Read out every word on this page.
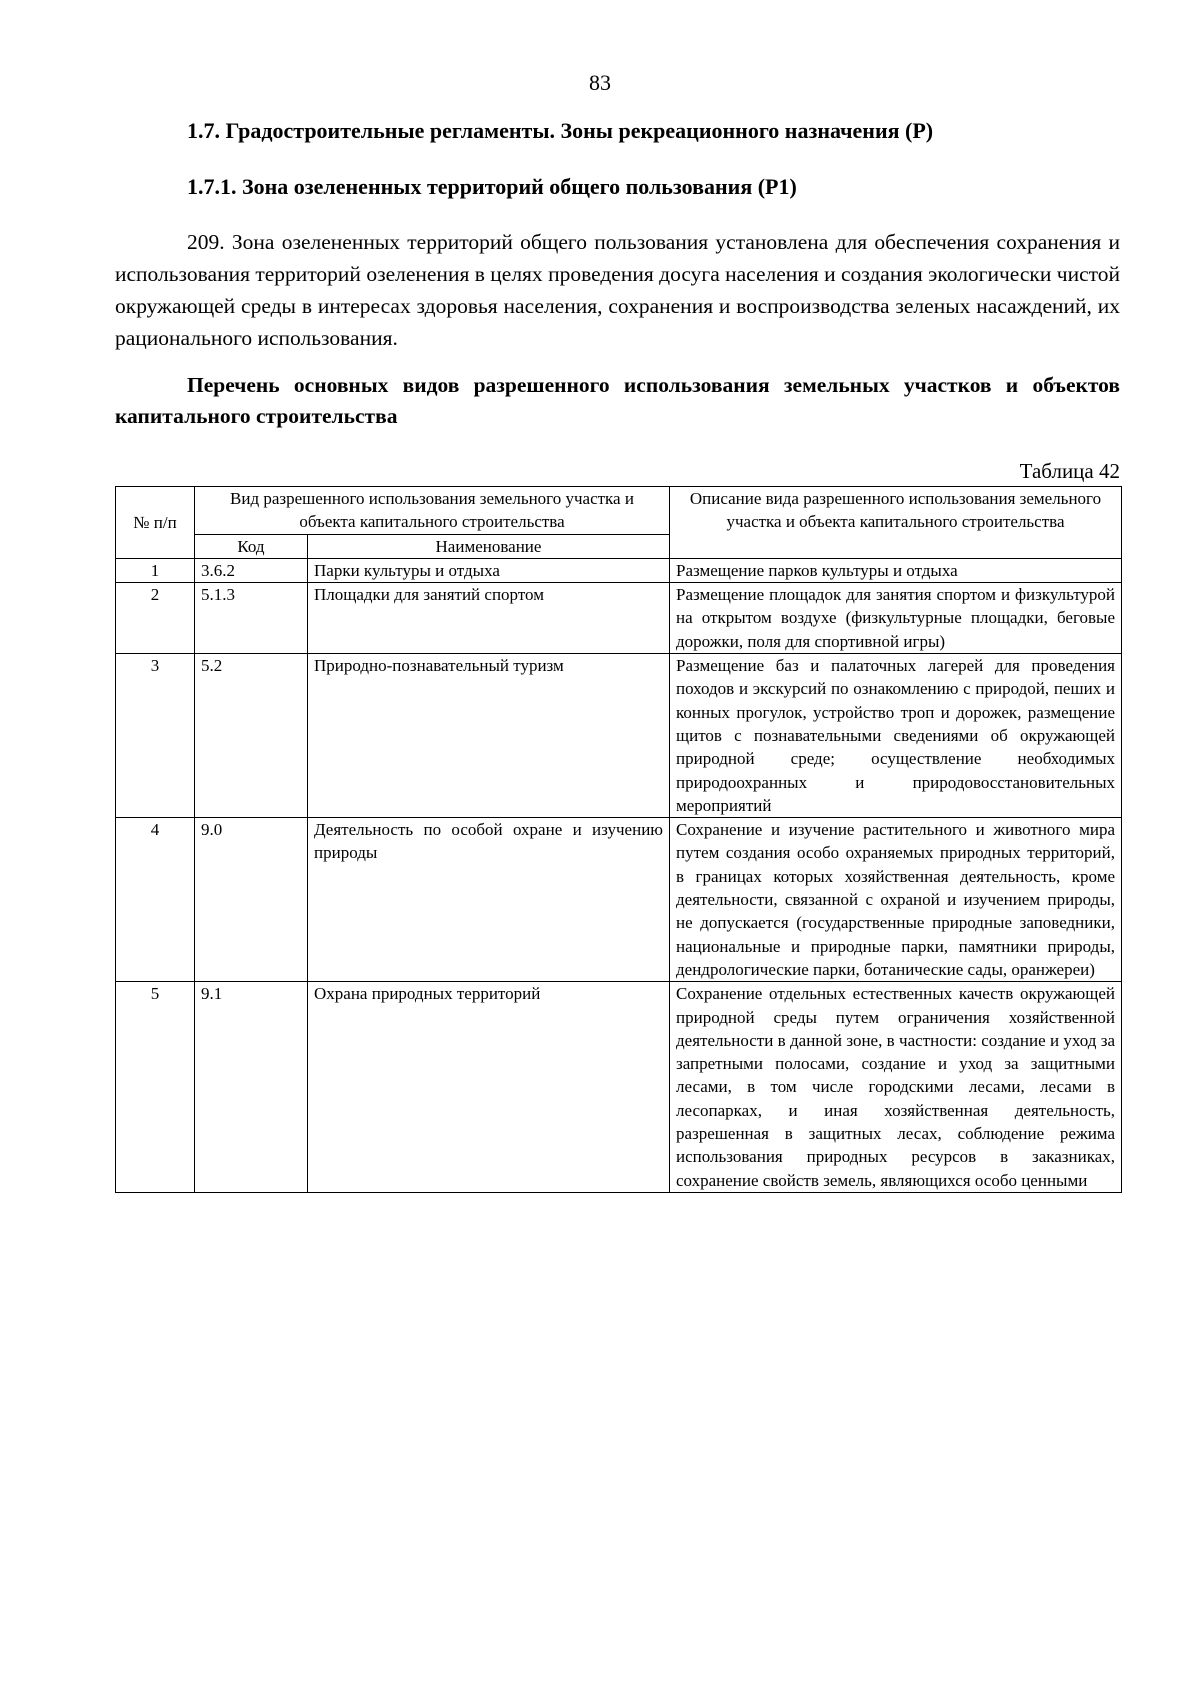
83
1.7. Градостроительные регламенты. Зоны рекреационного назначения (Р)
1.7.1. Зона озелененных территорий общего пользования (Р1)

209. Зона озелененных территорий общего пользования установлена для обеспечения сохранения и использования территорий озеленения в целях проведения досуга населения и создания экологически чистой окружающей среды в интересах здоровья населения, сохранения и воспроизводства зеленых насаждений, их рационального использования.

Перечень основных видов разрешенного использования земельных участков и объектов капитального строительства

Таблица 42
№ п/п	Вид разрешенного использования земельного участка и объекта капитального строительства		Описание вида разрешенного использования земельного участка и объекта капитального строительства
	Код	Наименование	
1	3.6.2	Парки культуры и отдыха	Размещение парков культуры и отдыха
2	5.1.3	Площадки для занятий спортом	Размещение площадок для занятия спортом и физкультурой на открытом воздухе (физкультурные площадки, беговые дорожки, поля для спортивной игры)
3	5.2	Природно-познавательный туризм	Размещение баз и палаточных лагерей для проведения походов и экскурсий по ознакомлению с природой, пеших и конных прогулок, устройство троп и дорожек, размещение щитов с познавательными сведениями об окружающей природной среде; осуществление необходимых природоохранных и природовосстановительных мероприятий
4	9.0	Деятельность по особой охране и изучению природы	Сохранение и изучение растительного и животного мира путем создания особо охраняемых природных территорий, в границах которых хозяйственная деятельность, кроме деятельности, связанной с охраной и изучением природы, не допускается (государственные природные заповедники, национальные и природные парки, памятники природы, дендрологические парки, ботанические сады, оранжереи)
5	9.1	Охрана природных территорий	Сохранение отдельных естественных качеств окружающей природной среды путем ограничения хозяйственной деятельности в данной зоне, в частности: создание и уход за запретными полосами, создание и уход за защитными лесами, в том числе городскими лесами, лесами в лесопарках, и иная хозяйственная деятельность, разрешенная в защитных лесах, соблюдение режима использования природных ресурсов в заказниках, сохранение свойств земель, являющихся особо ценными
